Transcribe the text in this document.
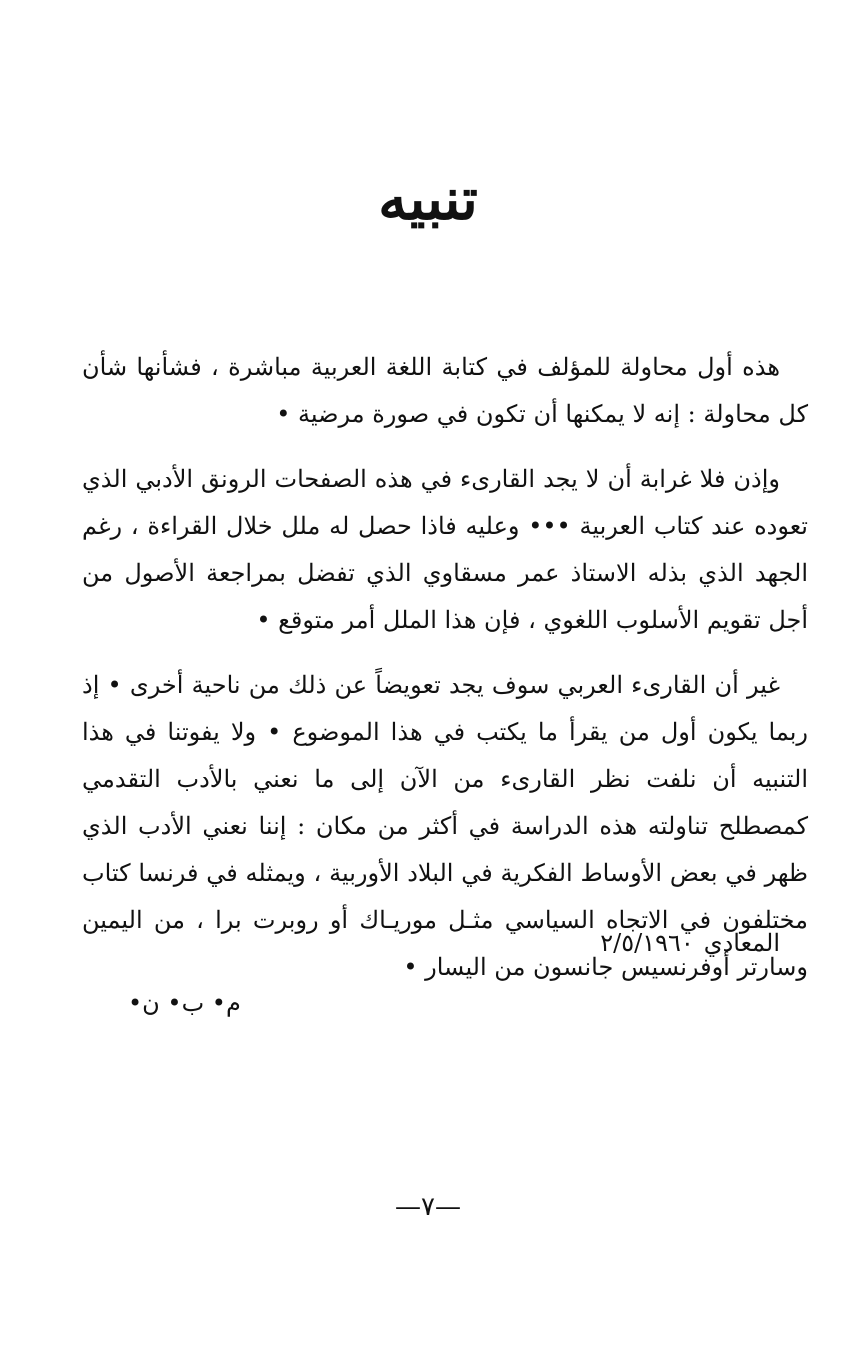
تنبيه

هذه أول محاولة للمؤلف في كتابة اللغة العربية مباشرة ، فشأنها شأن كل محاولة : إنه لا يمكنها أن تكون في صورة مرضية •

وإذن فلا غرابة أن لا يجد القارىء في هذه الصفحات الرونق الأدبي الذي تعوده عند كتاب العربية ••• وعليه فاذا حصل له ملل خلال القراءة ، رغم الجهد الذي بذله الاستاذ عمر مسقاوي الذي تفضل بمراجعة الأصول من أجل تقويم الأسلوب اللغوي ، فإن هذا الملل أمر متوقع •

غير أن القارىء العربي سوف يجد تعويضاً عن ذلك من ناحية أخرى • إذ ربما يكون أول من يقرأ ما يكتب في هذا الموضوع • ولا يفوتنا في هذا التنبيه أن نلفت نظر القارىء من الآن إلى ما نعني بالأدب التقدمي كمصطلح تناولته هذه الدراسة في أكثر من مكان : إننا نعني الأدب الذي ظهر في بعض الأوساط الفكرية في البلاد الأوربية ، ويمثله في فرنسا كتاب مختلفون في الاتجاه السياسي مثـل موريـاك أو روبرت برا ، من اليمين وسارتر أوفرنسيس جانسون من اليسار •

المعادي٢/٥/١٩٦٠
م• ب• ن•
—٧—
